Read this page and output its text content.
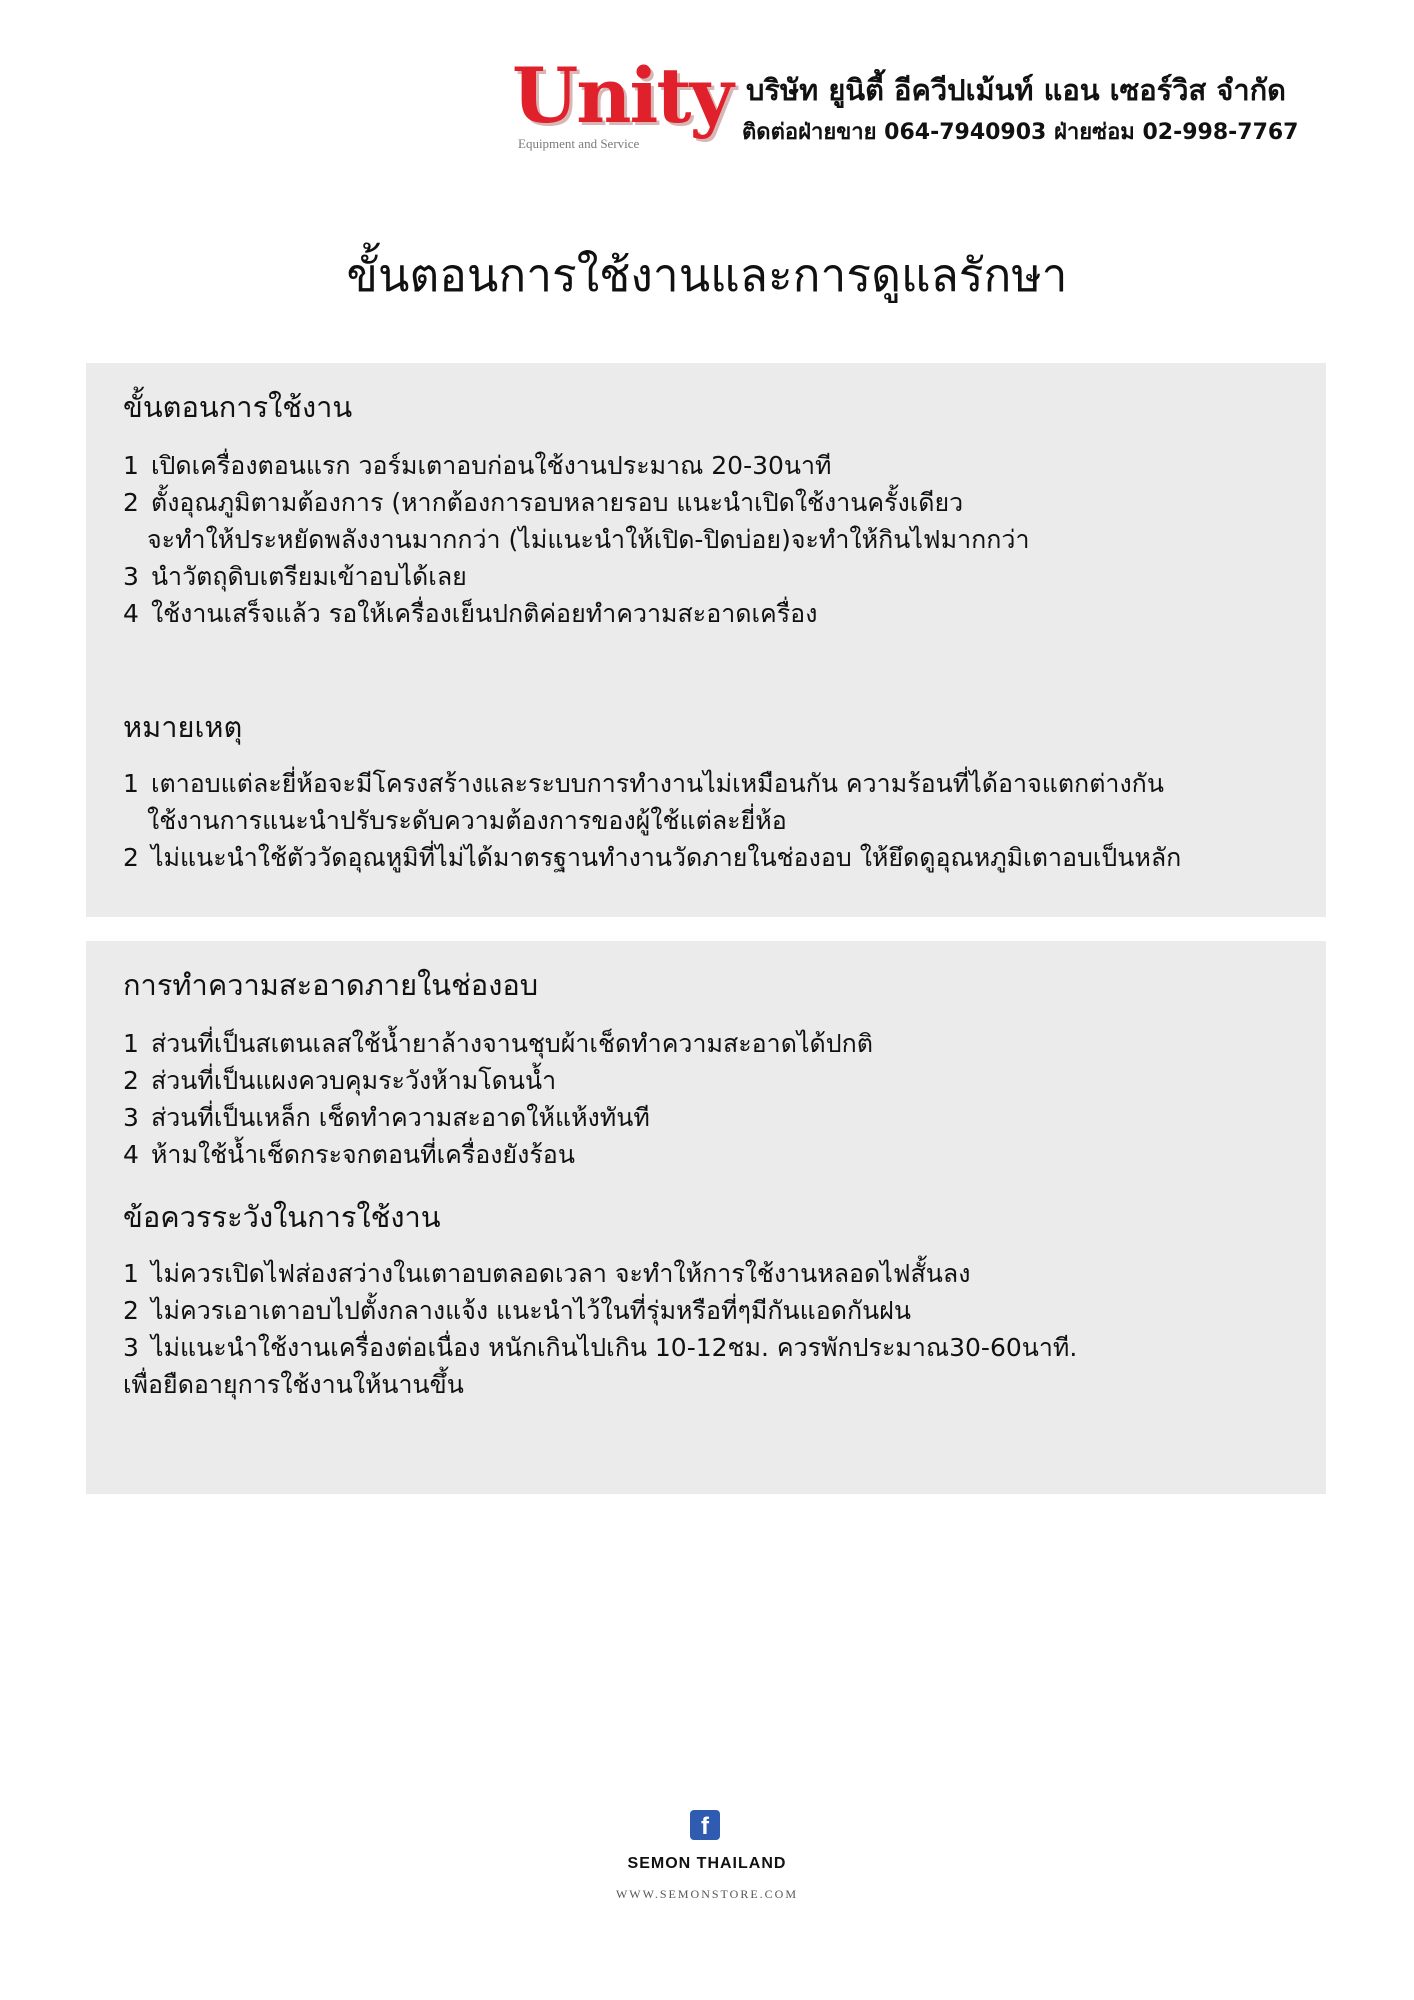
Unity
Equipment and Service
บริษัท ยูนิตี้ อีควีปเม้นท์ แอน เซอร์วิส จำกัด
ติดต่อฝ่ายขาย 064-7940903 ฝ่ายซ่อม 02-998-7767
ขั้นตอนการใช้งานและการดูแลรักษา
ขั้นตอนการใช้งาน
1 เปิดเครื่องตอนแรก วอร์มเตาอบก่อนใช้งานประมาณ 20-30นาที
2 ตั้งอุณภูมิตามต้องการ (หากต้องการอบหลายรอบ แนะนำเปิดใช้งานครั้งเดียว
จะทำให้ประหยัดพลังงานมากกว่า (ไม่แนะนำให้เปิด-ปิดบ่อย)จะทำให้กินไฟมากกว่า
3 นำวัตถุดิบเตรียมเข้าอบได้เลย
4 ใช้งานเสร็จแล้ว รอให้เครื่องเย็นปกติค่อยทำความสะอาดเครื่อง
หมายเหตุ
1 เตาอบแต่ละยี่ห้อจะมีโครงสร้างและระบบการทำงานไม่เหมือนกัน ความร้อนที่ได้อาจแตกต่างกัน
ใช้งานการแนะนำปรับระดับความต้องการของผู้ใช้แต่ละยี่ห้อ
2 ไม่แนะนำใช้ตัววัดอุณหูมิที่ไม่ได้มาตรฐานทำงานวัดภายในช่องอบ ให้ยึดดูอุณหภูมิเตาอบเป็นหลัก
การทำความสะอาดภายในช่องอบ
1 ส่วนที่เป็นสเตนเลสใช้น้ำยาล้างจานชุบผ้าเช็ดทำความสะอาดได้ปกติ
2 ส่วนที่เป็นแผงควบคุมระวังห้ามโดนน้ำ
3 ส่วนที่เป็นเหล็ก เช็ดทำความสะอาดให้แห้งทันที
4 ห้ามใช้น้ำเช็ดกระจกตอนที่เครื่องยังร้อน
ข้อควรระวังในการใช้งาน
1 ไม่ควรเปิดไฟส่องสว่างในเตาอบตลอดเวลา จะทำให้การใช้งานหลอดไฟสั้นลง
2 ไม่ควรเอาเตาอบไปตั้งกลางแจ้ง แนะนำไว้ในที่รุ่มหรือที่ๆมีกันแอดกันฝน
3 ไม่แนะนำใช้งานเครื่องต่อเนื่อง หนักเกินไปเกิน 10-12ชม. ควรพักประมาณ30-60นาที.
เพื่อยืดอายุการใช้งานให้นานขึ้น
f
SEMON THAILAND
WWW.SEMONSTORE.COM
